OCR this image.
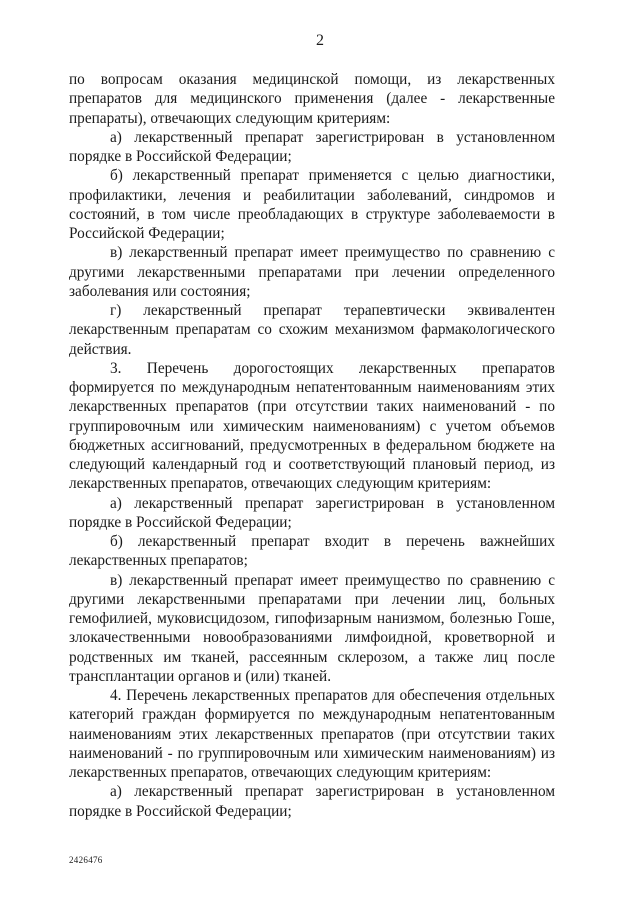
2

по вопросам оказания медицинской помощи, из лекарственных препаратов для медицинского применения (далее - лекарственные препараты), отвечающих следующим критериям:

а) лекарственный препарат зарегистрирован в установленном порядке в Российской Федерации;

б) лекарственный препарат применяется с целью диагностики, профилактики, лечения и реабилитации заболеваний, синдромов и состояний, в том числе преобладающих в структуре заболеваемости в Российской Федерации;

в) лекарственный препарат имеет преимущество по сравнению с другими лекарственными препаратами при лечении определенного заболевания или состояния;

г) лекарственный препарат терапевтически эквивалентен лекарственным препаратам со схожим механизмом фармакологического действия.

3. Перечень дорогостоящих лекарственных препаратов формируется по международным непатентованным наименованиям этих лекарственных препаратов (при отсутствии таких наименований - по группировочным или химическим наименованиям) с учетом объемов бюджетных ассигнований, предусмотренных в федеральном бюджете на следующий календарный год и соответствующий плановый период, из лекарственных препаратов, отвечающих следующим критериям:

а) лекарственный препарат зарегистрирован в установленном порядке в Российской Федерации;

б) лекарственный препарат входит в перечень важнейших лекарственных препаратов;

в) лекарственный препарат имеет преимущество по сравнению с другими лекарственными препаратами при лечении лиц, больных гемофилией, муковисцидозом, гипофизарным нанизмом, болезнью Гоше, злокачественными новообразованиями лимфоидной, кроветворной и родственных им тканей, рассеянным склерозом, а также лиц после трансплантации органов и (или) тканей.

4. Перечень лекарственных препаратов для обеспечения отдельных категорий граждан формируется по международным непатентованным наименованиям этих лекарственных препаратов (при отсутствии таких наименований - по группировочным или химическим наименованиям) из лекарственных препаратов, отвечающих следующим критериям:

а) лекарственный препарат зарегистрирован в установленном порядке в Российской Федерации;

2426476
